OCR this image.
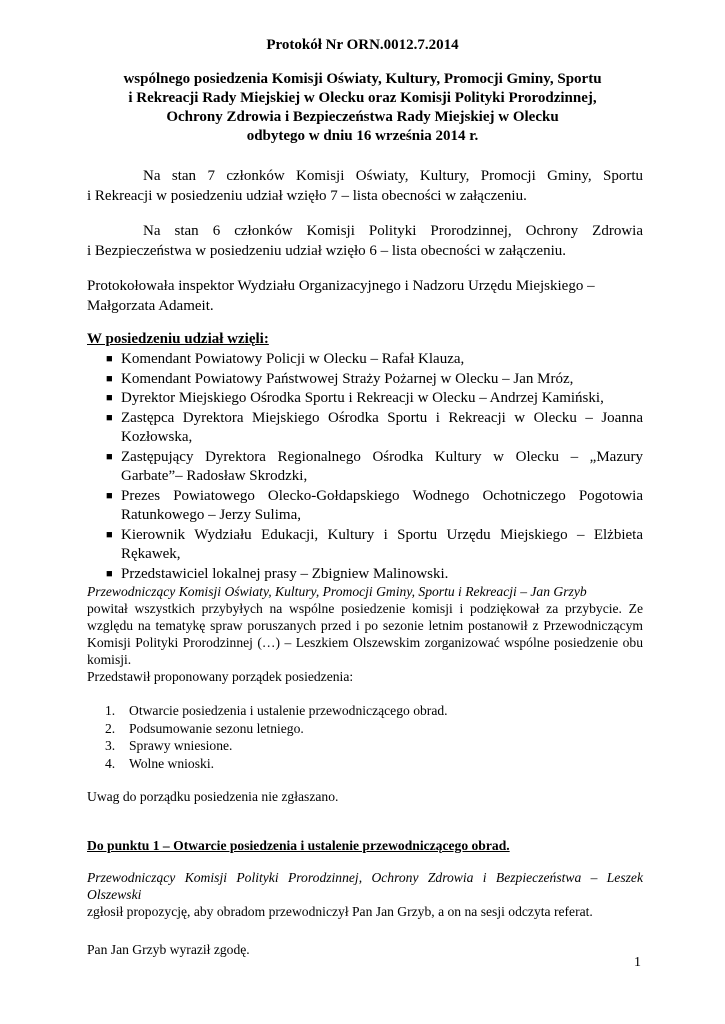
Protokół Nr ORN.0012.7.2014
wspólnego posiedzenia Komisji Oświaty, Kultury, Promocji Gminy, Sportu
i Rekreacji Rady Miejskiej w Olecku oraz Komisji Polityki Prorodzinnej,
Ochrony Zdrowia i Bezpieczeństwa Rady Miejskiej w Olecku
odbytego w dniu 16 września 2014 r.
Na stan 7 członków Komisji Oświaty, Kultury, Promocji Gminy, Sportu
i Rekreacji w posiedzeniu udział wzięło 7 – lista obecności w załączeniu.
Na stan 6 członków Komisji Polityki Prorodzinnej, Ochrony Zdrowia
i Bezpieczeństwa w posiedzeniu udział wzięło 6 – lista obecności w załączeniu.
Protokołowała inspektor Wydziału Organizacyjnego i Nadzoru Urzędu Miejskiego –
Małgorzata Adameit.
W posiedzeniu udział wzięli:
■ Komendant Powiatowy Policji w Olecku – Rafał Klauza,
■ Komendant Powiatowy Państwowej Straży Pożarnej w Olecku – Jan Mróz,
■ Dyrektor Miejskiego Ośrodka Sportu i Rekreacji w Olecku – Andrzej Kamiński,
■ Zastępca Dyrektora Miejskiego Ośrodka Sportu i Rekreacji w Olecku – Joanna Kozłowska,
■ Zastępujący Dyrektora Regionalnego Ośrodka Kultury w Olecku – „Mazury Garbate”– Radosław Skrodzki,
■ Prezes Powiatowego Olecko-Gołdapskiego Wodnego Ochotniczego Pogotowia Ratunkowego – Jerzy Sulima,
■ Kierownik Wydziału Edukacji, Kultury i Sportu Urzędu Miejskiego – Elżbieta Rękawek,
■ Przedstawiciel lokalnej prasy – Zbigniew Malinowski.
Przewodniczący Komisji Oświaty, Kultury, Promocji Gminy, Sportu i Rekreacji – Jan Grzyb
powitał wszystkich przybyłych na wspólne posiedzenie komisji i podziękował za przybycie. Ze względu na tematykę spraw poruszanych przed i po sezonie letnim postanowił z Przewodniczącym Komisji Polityki Prorodzinnej (…) – Leszkiem Olszewskim zorganizować wspólne posiedzenie obu komisji.
Przedstawił proponowany porządek posiedzenia:
1. Otwarcie posiedzenia i ustalenie przewodniczącego obrad.
2. Podsumowanie sezonu letniego.
3. Sprawy wniesione.
4. Wolne wnioski.
Uwag do porządku posiedzenia nie zgłaszano.
Do punktu 1 – Otwarcie posiedzenia i ustalenie przewodniczącego obrad.
Przewodniczący Komisji Polityki Prorodzinnej, Ochrony Zdrowia i Bezpieczeństwa – Leszek Olszewski
zgłosił propozycję, aby obradom przewodniczył Pan Jan Grzyb, a on na sesji odczyta referat.
Pan Jan Grzyb wyraził zgodę.
1
